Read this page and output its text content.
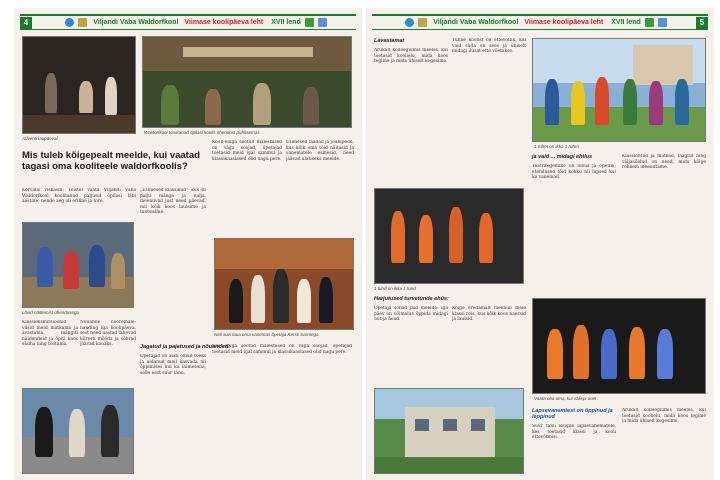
4	Viljandi Vaba Waldorfkool Viimase koolipäeva leht XVII lend
Adventi laupäeval
Waldorfkool tervitanud õpilasi koolis ühendust pühitsemas
Mis tuleb kõigepealt meelde, kui vaatad tagasi oma kooliteele waldorfkoolis?

Kõrvalis viskasin: Teistel vaata Viljandi Vaba Waldorfkool koolitanud paljusid õpilasi läbi aastate, nende aeg oli eriline ja tore.

„Esimesed klassikud”, kus oli palju mänge ja nalja, meenuvad just need päevad, mil kõik koos laulsime ja tantsisime.

Kooli-eluga seotud mälestused on väga soojad, õpetajad toetasid meid igal sammul ja klassikaaslased olid nagu pere.

Esimesed laadad ja jõulupeod, kus kõik oma töid näitasid ja vanematele esinesid, need jäävad alatiseks meelde.

Lõvid näitlemist ühendusega
Neli suvi laua oma vanemas õpetaja Kersti Sarmega

Klassiekskursioonid viisid meid matkama ja avastama, mängiti näidendeid ja õpiti koos elama ning töötama.

Nõuanne nooremale: nauding iga koolipäeva, sest need aastad lähevad kiiresti mööda ja sõbrad jäävad kauaks.	Jagatud ja pajatused ja nõuanded:

Õpetajad on alati olnud toeks ja aidanud meil kasvada nii õppimises kui ka inimesena, selle eest suur tänu.

Kooli-eluga seotud mälestused on väga soojad, õpetajad toetasid meid igal sammul ja klassikaaslased olid nagu pere.

Viljandi Vaba Waldorfkool Viimase koolipäeva leht XVII lend	5
Lavastamat

Arukalt kolleegiumis meeles, kui toetasid koolielu, mida koos tegime ja mida ühiselt kogesime.

Tunne koolist on ettevõtlik, kui vaid süda on sees ja ühiselt midagi ilusat ette võetakse.

1 rühm on ikka 1 rühm
ja vaid ... midagi ehtlus

Teatritegemine oli lõbus ja õpetlik, etendused tõid kokku nii lapsed kui ka vanemad.

Klassiõhtud ja matkad, laagrid ning väljasõidud on need, mida kõige rohkem meenutame.

1 tund on ikka 1 tund
Harjutused turvetunde ehüs:

Õpetaja sõnad jäid meelde: iga päev on võimalus õppida midagi uut ja head.

Kõige eredamalt meenub meie klassi reis, kus kõik koos naersid ja laulsid.

Vaata oba oma, kui välispi unel
Lapsevanemtest on õppinud ja leppinud

Suur tänu kõigile lapsevanematele, kes toetasid klassi ja kooli ettevõtmisi.

Arukalt kolleegiumis meeles, kui toetasid koolielu, mida koos tegime ja mida ühiselt kogesime.
